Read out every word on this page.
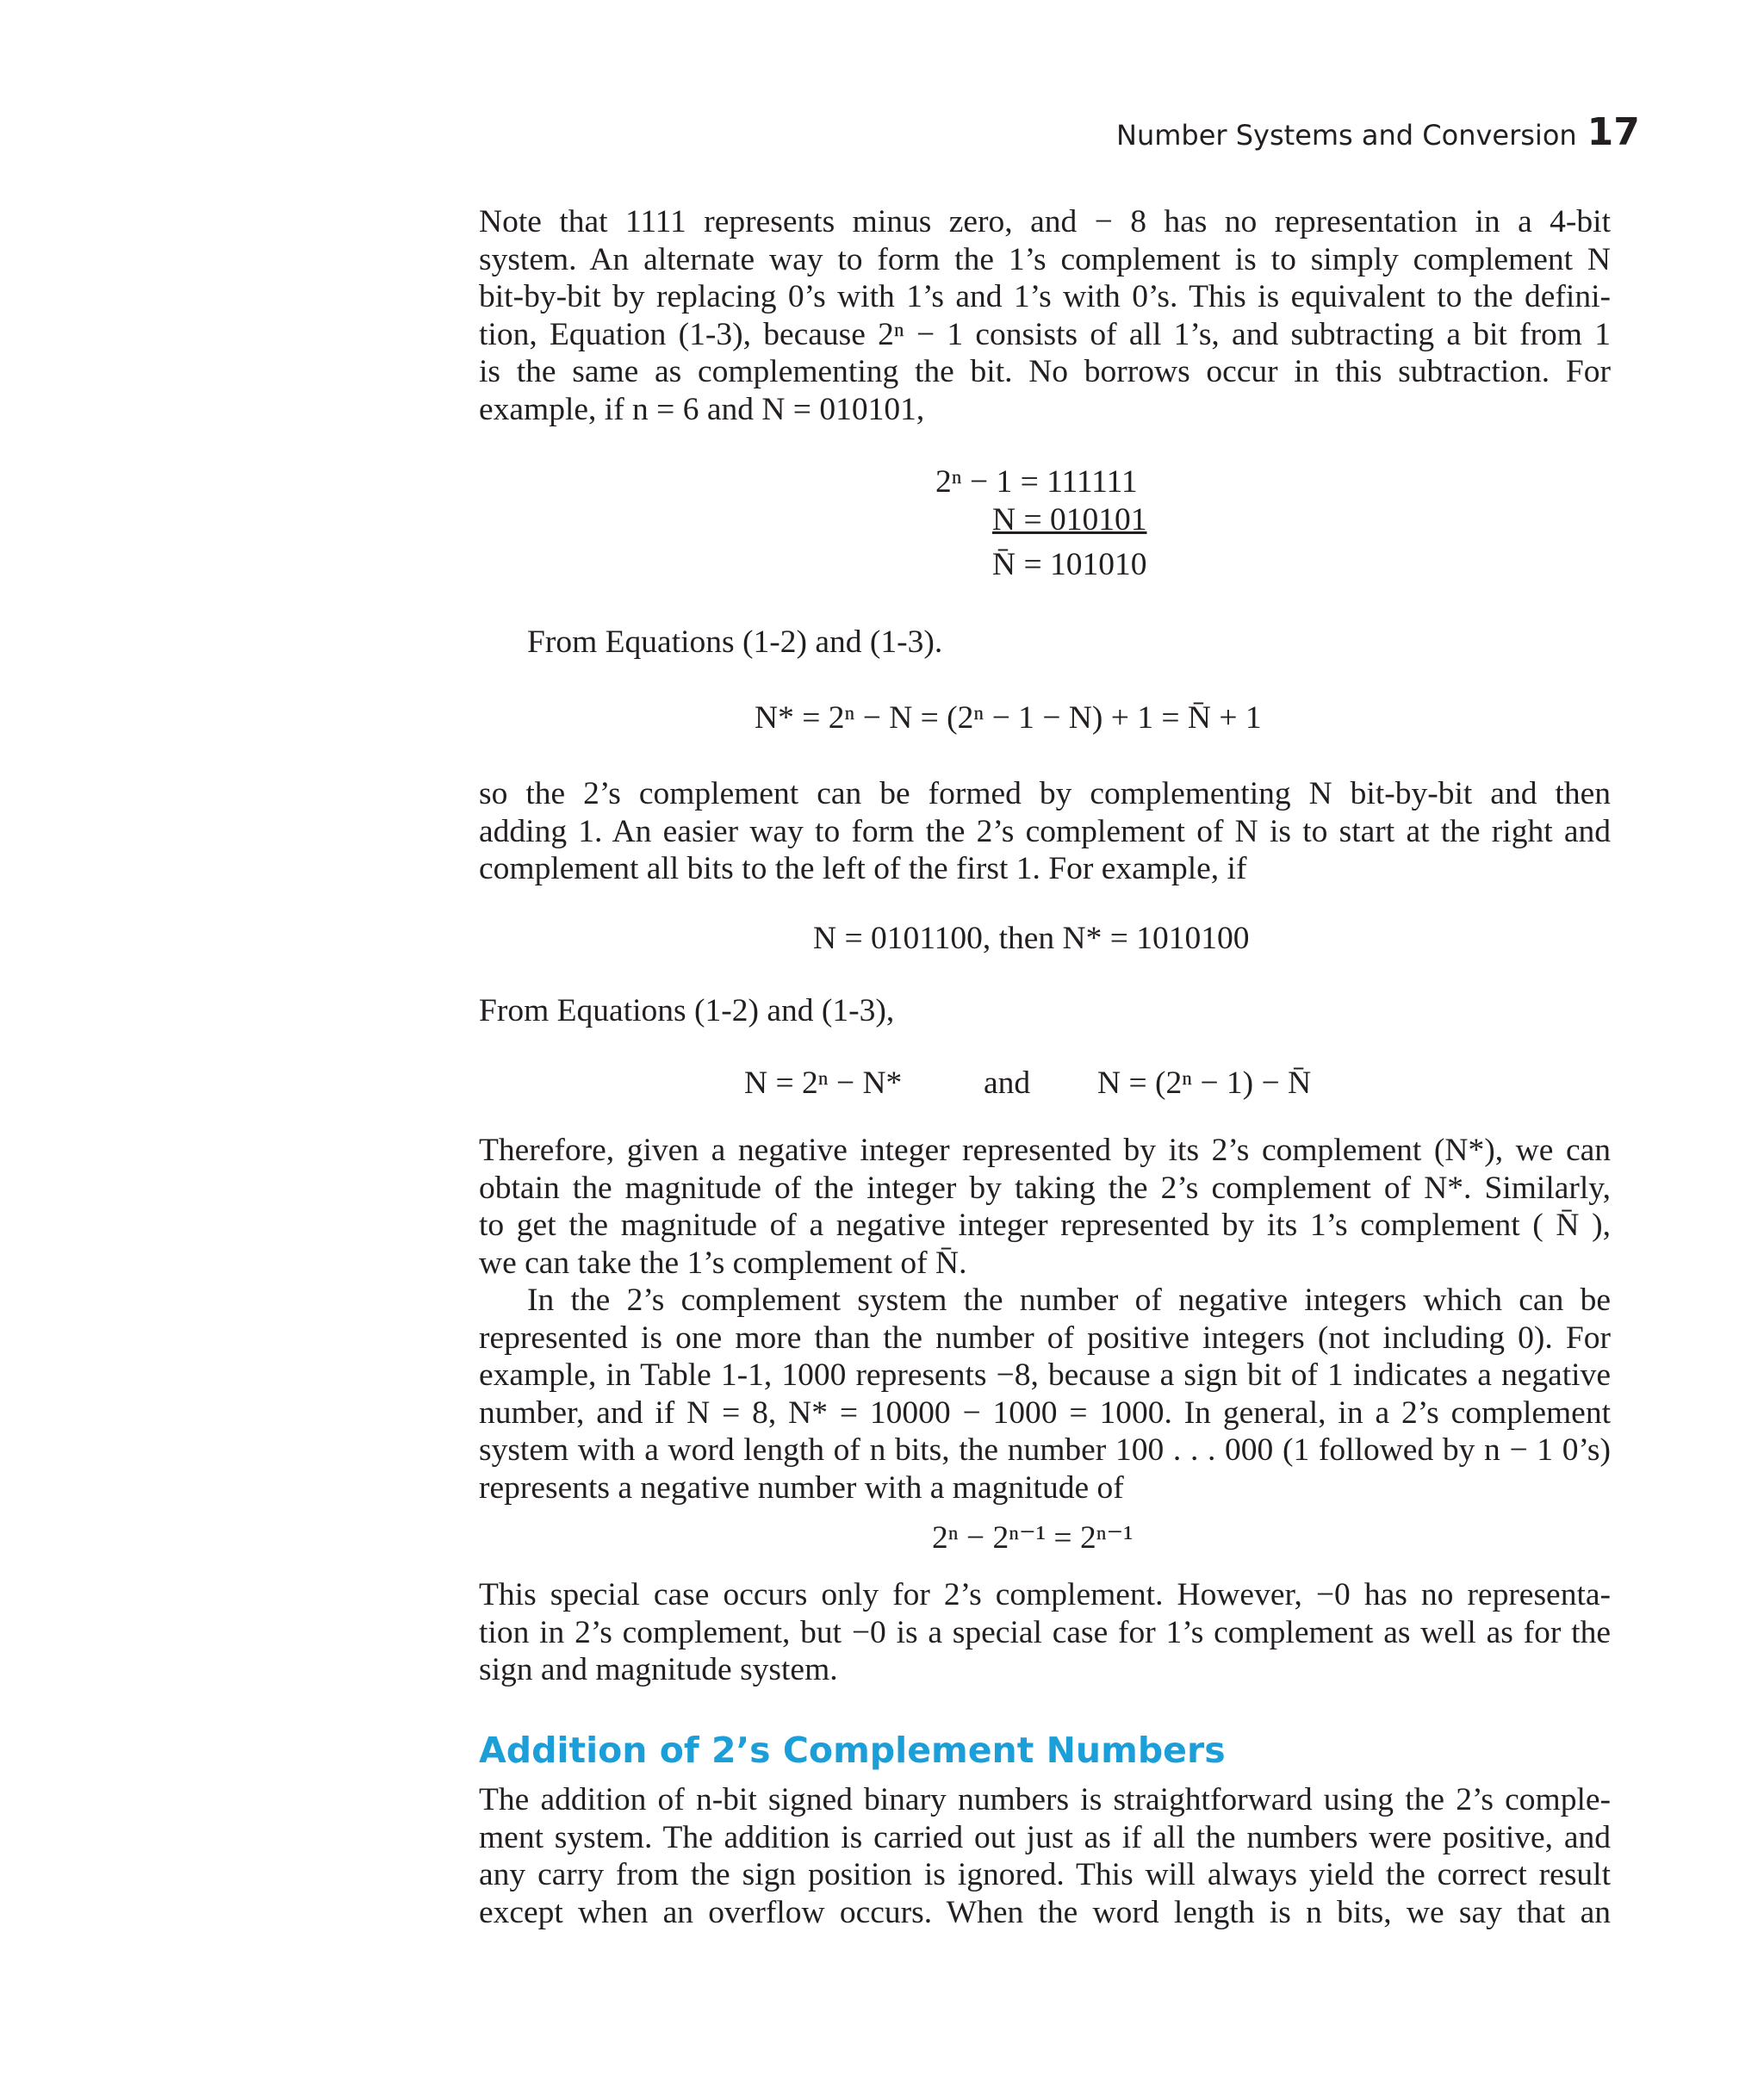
Number Systems and Conversion 17
Note that 1111 represents minus zero, and − 8 has no representation in a 4-bit
system. An alternate way to form the 1’s complement is to simply complement N
bit-by-bit by replacing 0’s with 1’s and 1’s with 0’s. This is equivalent to the defini-
tion, Equation (1-3), because 2ⁿ − 1 consists of all 1’s, and subtracting a bit from 1
is the same as complementing the bit. No borrows occur in this subtraction. For
example, if n = 6 and N = 010101,
2ⁿ − 1 = 111111
N = 010101
N̄ = 101010
From Equations (1-2) and (1-3).
N* = 2ⁿ − N = (2ⁿ − 1 − N) + 1 = N̄ + 1
so the 2’s complement can be formed by complementing N bit-by-bit and then
adding 1. An easier way to form the 2’s complement of N is to start at the right and
complement all bits to the left of the first 1. For example, if
N = 0101100, then N* = 1010100
From Equations (1-2) and (1-3),
N = 2ⁿ − N*	and N = (2ⁿ − 1) − N̄
Therefore, given a negative integer represented by its 2’s complement (N*), we can
obtain the magnitude of the integer by taking the 2’s complement of N*. Similarly,
to get the magnitude of a negative integer represented by its 1’s complement ( N̄ ),
we can take the 1’s complement of N̄.
In the 2’s complement system the number of negative integers which can be
represented is one more than the number of positive integers (not including 0). For
example, in Table 1-1, 1000 represents −8, because a sign bit of 1 indicates a negative
number, and if N = 8, N* = 10000 − 1000 = 1000. In general, in a 2’s complement
system with a word length of n bits, the number 100 . . . 000 (1 followed by n − 1 0’s)
represents a negative number with a magnitude of
2ⁿ − 2ⁿ⁻¹ = 2ⁿ⁻¹
This special case occurs only for 2’s complement. However, −0 has no representa-
tion in 2’s complement, but −0 is a special case for 1’s complement as well as for the
sign and magnitude system.
Addition of 2’s Complement Numbers
The addition of n-bit signed binary numbers is straightforward using the 2’s comple-
ment system. The addition is carried out just as if all the numbers were positive, and
any carry from the sign position is ignored. This will always yield the correct result
except when an overflow occurs. When the word length is n bits, we say that an
